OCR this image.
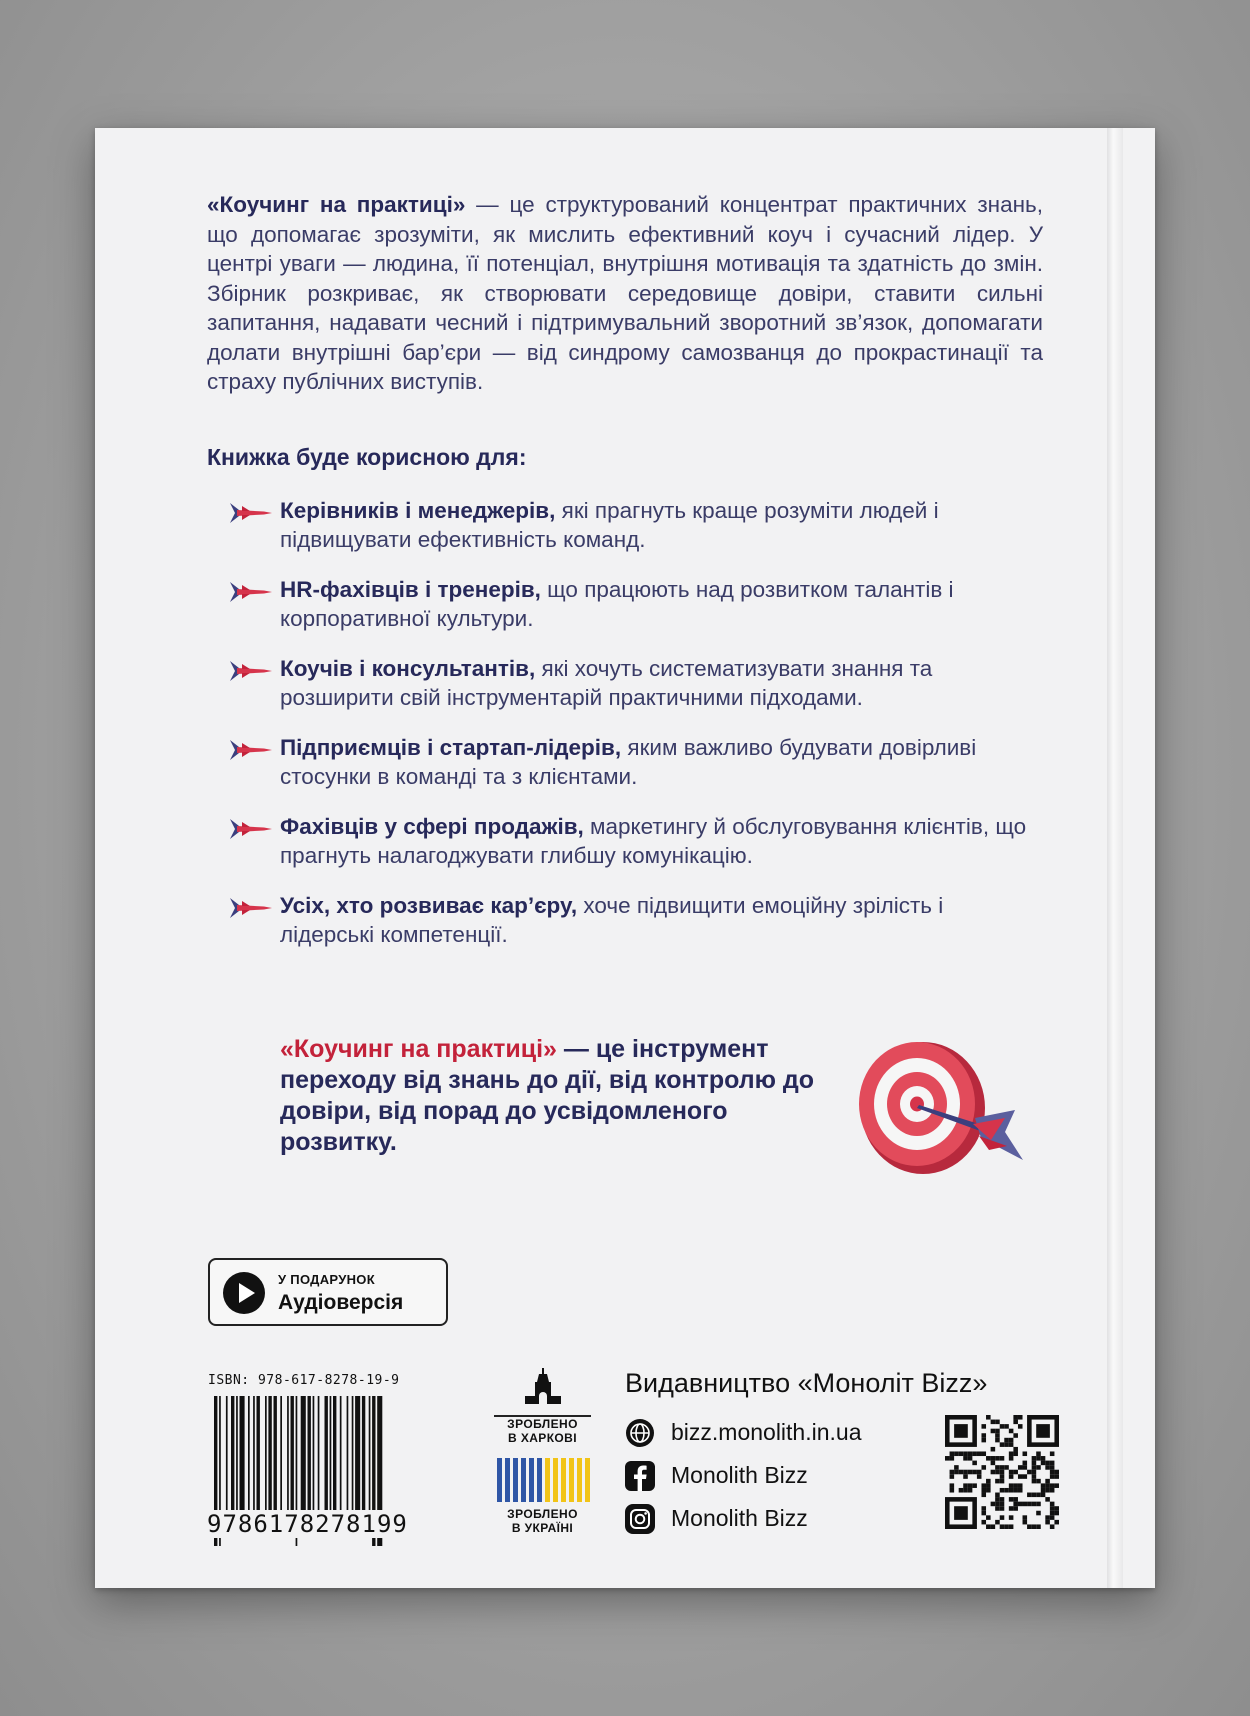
«Коучинг на практиці» — це структурований концентрат практичних знань, що допомагає зрозуміти, як мислить ефективний коуч і сучасний лідер. У центрі уваги — людина, її потенціал, внутрішня мотивація та здатність до змін. Збірник розкриває, як створювати середовище довіри, ставити сильні запитання, надавати чесний і підтримувальний зворотний зв’язок, допомагати долати внутрішні бар’єри — від синдрому самозванця до прокрастинації та страху публічних виступів.
Книжка буде корисною для:
Керівників і менеджерів, які прагнуть краще розуміти людей і підвищувати ефективність команд.
HR-фахівців і тренерів, що працюють над розвитком талантів і корпоративної культури.
Коучів і консультантів, які хочуть систематизувати знання та розширити свій інструментарій практичними підходами.
Підприємців і стартап-лідерів, яким важливо будувати довірливі стосунки в команді та з клієнтами.
Фахівців у сфері продажів, маркетингу й обслуговування клієнтів, що прагнуть налагоджувати глибшу комунікацію.
Усіх, хто розвиває кар’єру, хоче підвищити емоційну зрілість і лідерські компетенції.
«Коучинг на практиці» — це інструмент переходу від знань до дії, від контролю до довіри, від порад до усвідомленого розвитку.
У ПОДАРУНОК
Аудіоверсія
ISBN: 978-617-8278-19-9
9786178278199
ЗРОБЛЕНО
В ХАРКОВІ
ЗРОБЛЕНО
В УКРАЇНІ
Видавництво «Моноліт Bizz»
bizz.monolith.in.ua
Monolith Bizz
Monolith Bizz
